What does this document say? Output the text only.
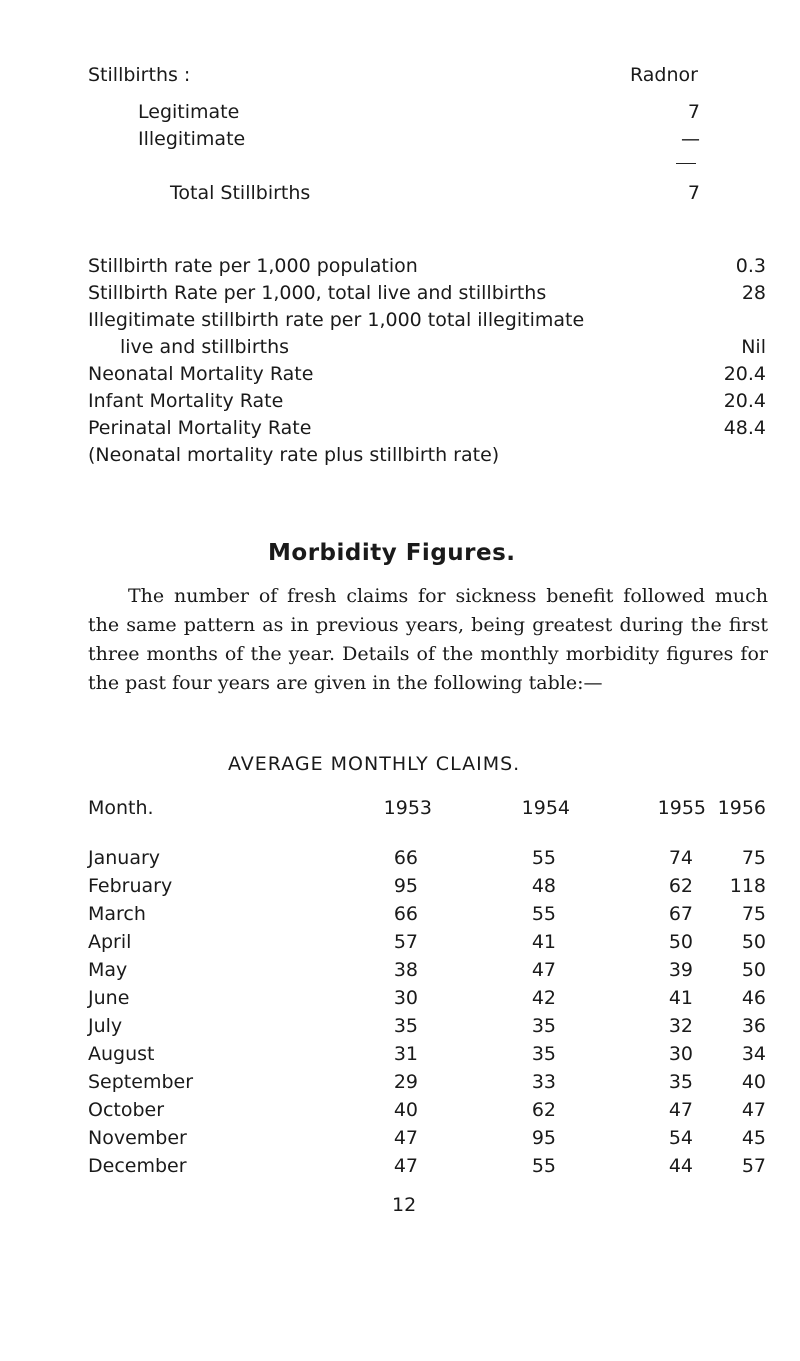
Stillbirths :	Radnor
Legitimate	7
Illegitimate	—
Total Stillbirths	7
Stillbirth rate per 1,000 population	0.3
Stillbirth Rate per 1,000, total live and stillbirths	28
Illegitimate stillbirth rate per 1,000 total illegitimate
live and stillbirths	Nil
Neonatal Mortality Rate	20.4
Infant Mortality Rate	20.4
Perinatal Mortality Rate	48.4
(Neonatal mortality rate plus stillbirth rate)
Morbidity Figures.
The number of fresh claims for sickness benefit followed much the same pattern as in previous years, being greatest during the first three months of the year. Details of the monthly morbidity figures for the past four years are given in the following table:—
AVERAGE MONTHLY CLAIMS.
Month.	1953	1954	1955 1956
January	66	55	74	75
February	95	48	62	118
March	66	55	67	75
April	57	41	50	50
May	38	47	39	50
June	30	42	41	46
July	35	35	32	36
August	31	35	30	34
September	29	33	35	40
October	40	62	47	47
November	47	95	54	45
December	47	55	44	57
12
